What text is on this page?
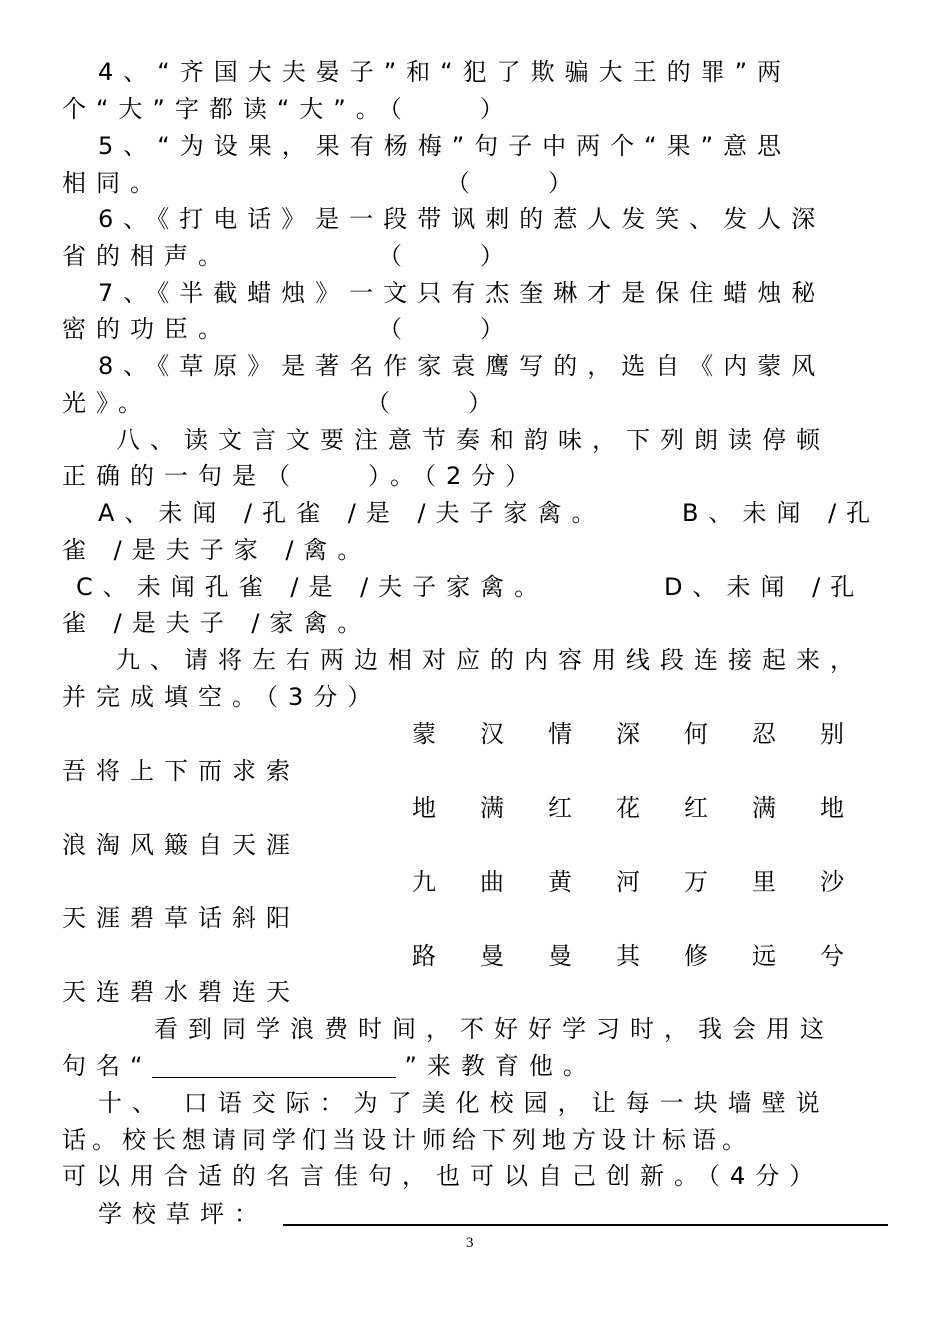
4、“齐国大夫晏子”和“犯了欺骗大王的罪”两
个“大”字都读“大”。（　　）
5、“为设果，果有杨梅”句子中两个“果”意思
相同。　　　　　　　　　（　　）
6、《打电话》是一段带讽刺的惹人发笑、发人深
省的相声。　　　　　（　　）
7、《半截蜡烛》一文只有杰奎琳才是保住蜡烛秘
密的功臣。　　　　　（　　）
8、《草原》是著名作家袁鹰写的，选自《内蒙风
光》。　　　　　　　（　　）
八、读文言文要注意节奏和韵味，下列朗读停顿
正确的一句是（　　）。（2分）
A、未闻 /孔雀 /是 /夫子家禽。	B、未闻 /孔
雀 /是夫子家 /禽。
C、未闻孔雀 /是 /夫子家禽。	D、未闻 /孔
雀 /是夫子 /家禽。
九、请将左右两边相对应的内容用线段连接起来，
并完成填空。（3分）
蒙汉情深何忍别
吾将上下而求索
地满红花红满地
浪淘风簸自天涯
九曲黄河万里沙
天涯碧草话斜阳
路曼曼其修远兮
天连碧水碧连天
看到同学浪费时间，不好好学习时，我会用这
句名“	”来教育他。
十、 口语交际：为了美化校园，让每一块墙壁说
话。校长想请同学们当设计师给下列地方设计标语。
可以用合适的名言佳句，也可以自己创新。（4分）
学校草坪：
3
